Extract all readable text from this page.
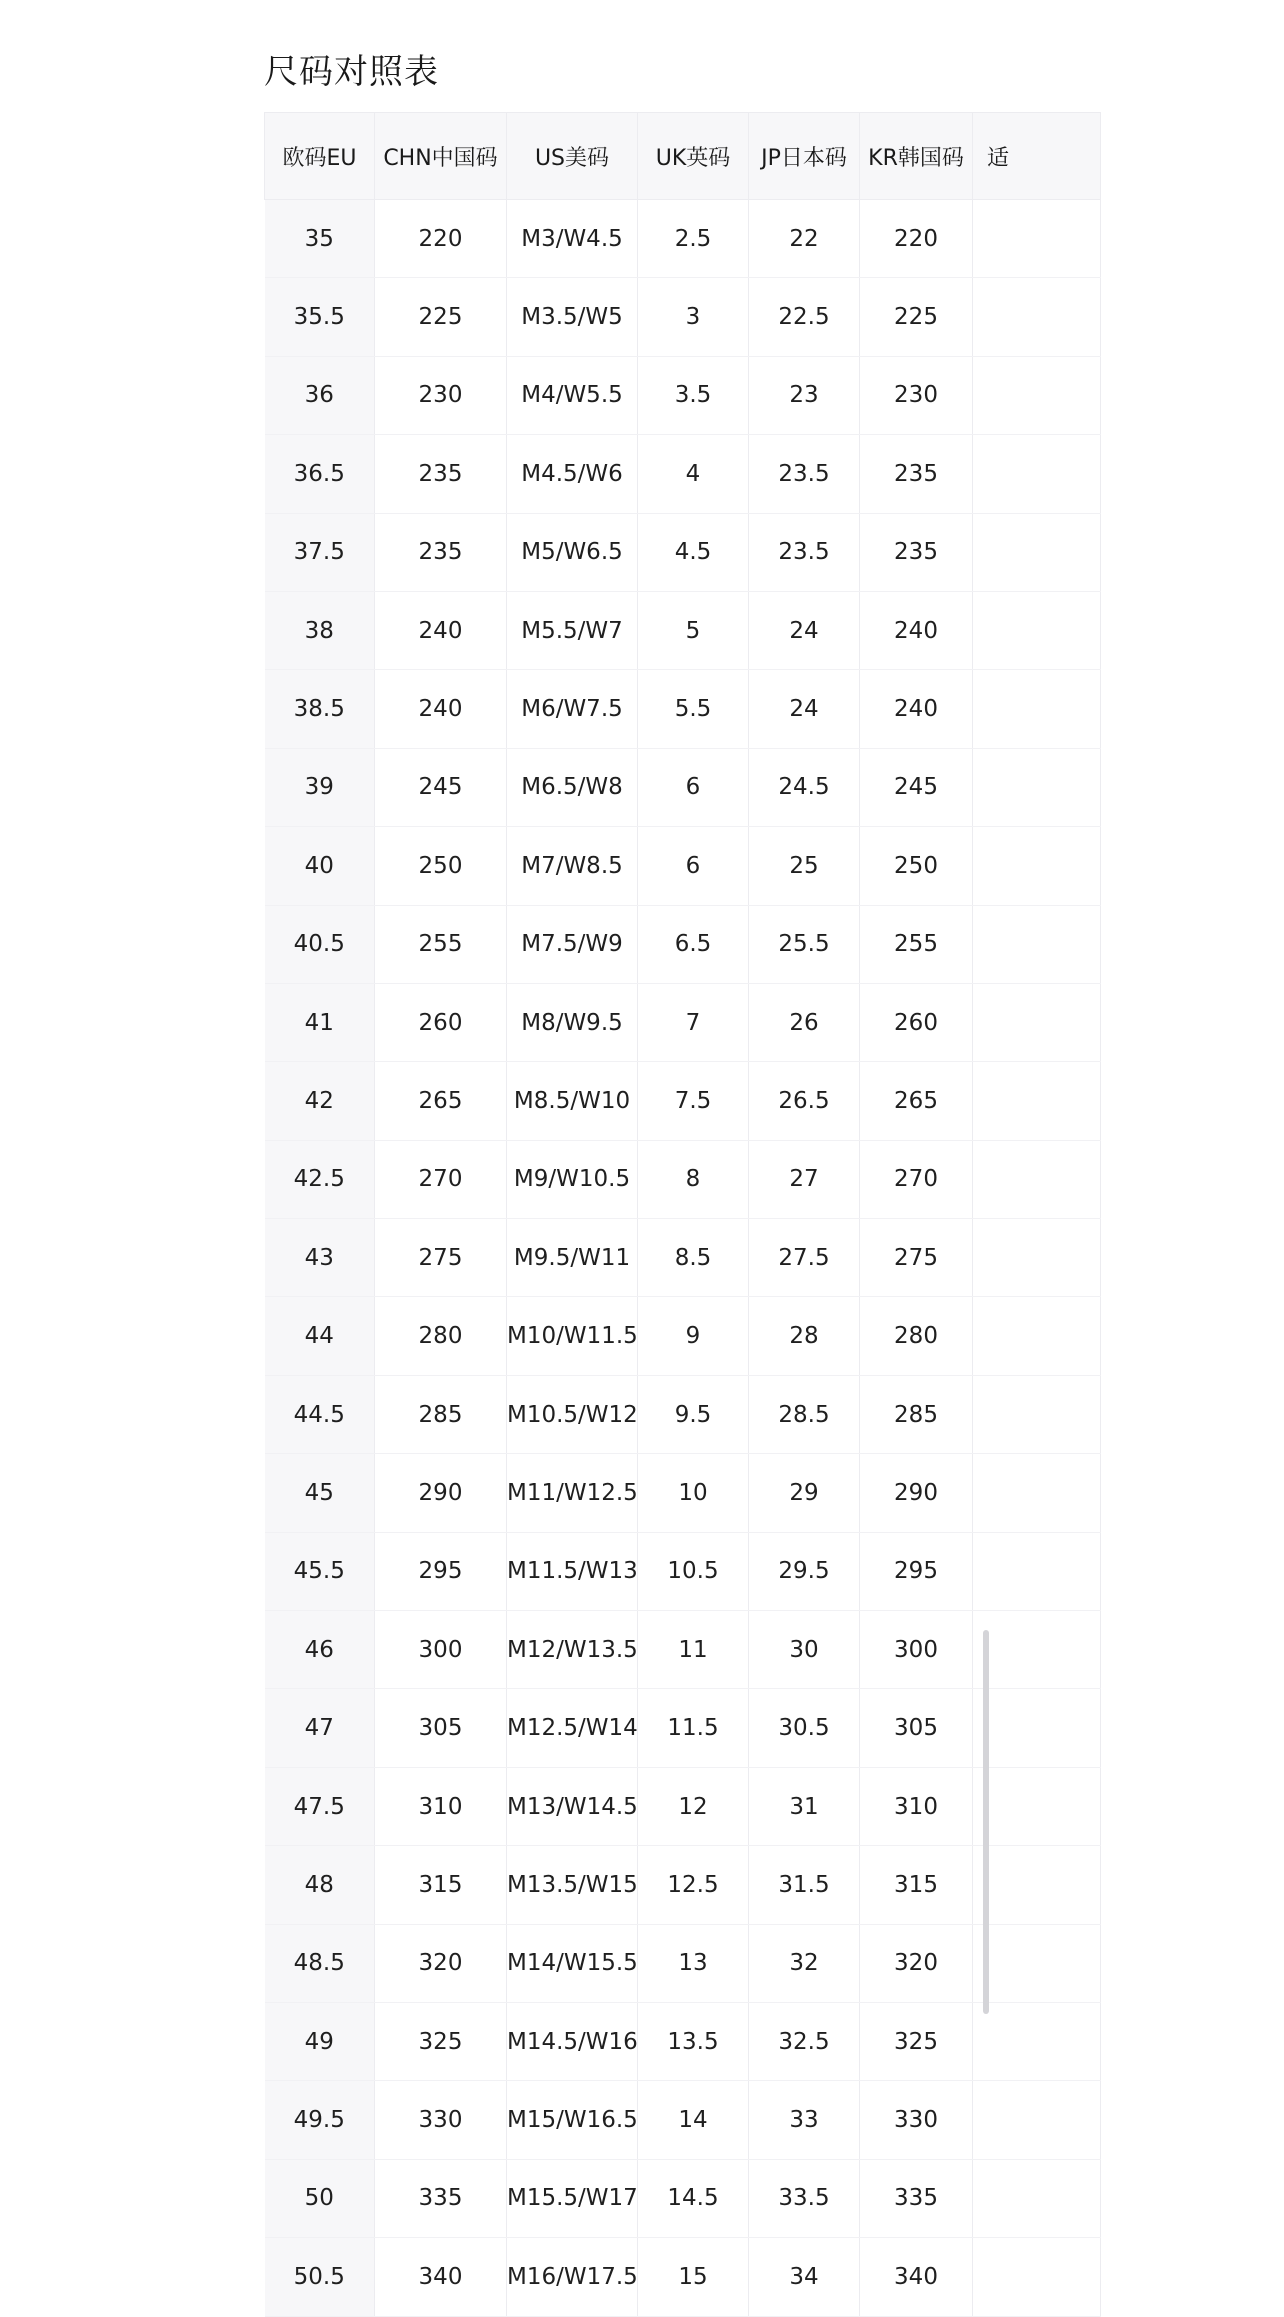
尺码对照表
欧码EU	CHN中国码	US美码	UK英码	JP日本码	KR韩国码	适
35	220	M3/W4.5	2.5	22	220	
35.5	225	M3.5/W5	3	22.5	225	
36	230	M4/W5.5	3.5	23	230	
36.5	235	M4.5/W6	4	23.5	235	
37.5	235	M5/W6.5	4.5	23.5	235	
38	240	M5.5/W7	5	24	240	
38.5	240	M6/W7.5	5.5	24	240	
39	245	M6.5/W8	6	24.5	245	
40	250	M7/W8.5	6	25	250	
40.5	255	M7.5/W9	6.5	25.5	255	
41	260	M8/W9.5	7	26	260	
42	265	M8.5/W10	7.5	26.5	265	
42.5	270	M9/W10.5	8	27	270	
43	275	M9.5/W11	8.5	27.5	275	
44	280	M10/W11.5	9	28	280	
44.5	285	M10.5/W12	9.5	28.5	285	
45	290	M11/W12.5	10	29	290	
45.5	295	M11.5/W13	10.5	29.5	295	
46	300	M12/W13.5	11	30	300	
47	305	M12.5/W14	11.5	30.5	305	
47.5	310	M13/W14.5	12	31	310	
48	315	M13.5/W15	12.5	31.5	315	
48.5	320	M14/W15.5	13	32	320	
49	325	M14.5/W16	13.5	32.5	325	
49.5	330	M15/W16.5	14	33	330	
50	335	M15.5/W17	14.5	33.5	335	
50.5	340	M16/W17.5	15	34	340	
